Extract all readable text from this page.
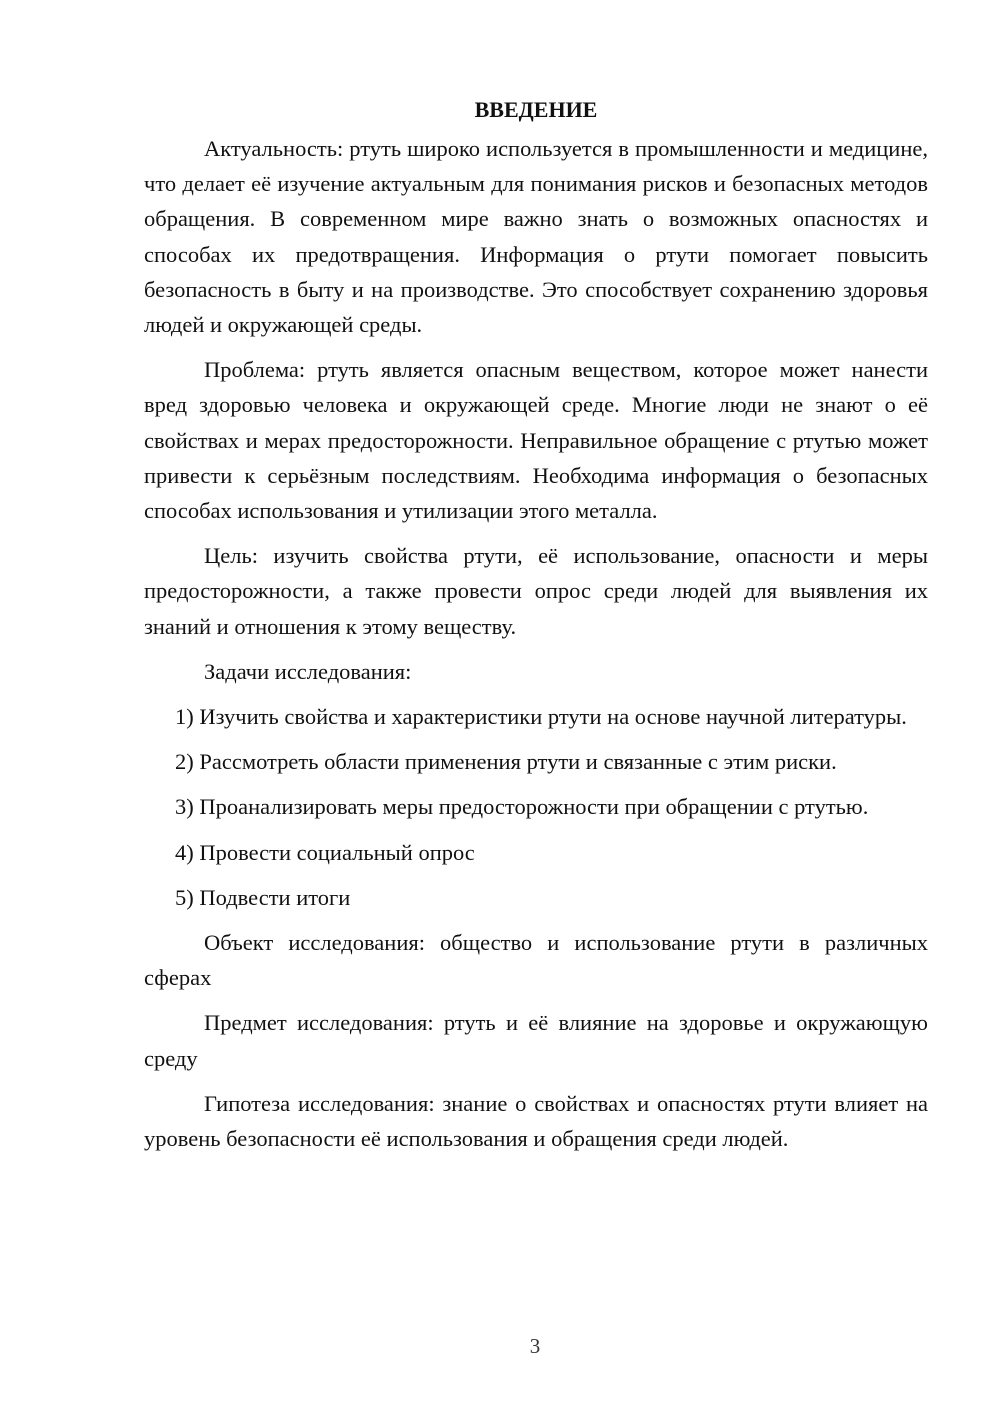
ВВЕДЕНИЕ

Актуальность: ртуть широко используется в промышленности и медицине, что делает её изучение актуальным для понимания рисков и безопасных методов обращения. В современном мире важно знать о возможных опасностях и способах их предотвращения. Информация о ртути помогает повысить безопасность в быту и на производстве. Это способствует сохранению здоровья людей и окружающей среды.

Проблема: ртуть является опасным веществом, которое может нанести вред здоровью человека и окружающей среде. Многие люди не знают о её свойствах и мерах предосторожности. Неправильное обращение с ртутью может привести к серьёзным последствиям. Необходима информация о безопасных способах использования и утилизации этого металла.

Цель: изучить свойства ртути, её использование, опасности и меры предосторожности, а также провести опрос среди людей для выявления их знаний и отношения к этому веществу.

Задачи исследования:

1) Изучить свойства и характеристики ртути на основе научной литературы.

2) Рассмотреть области применения ртути и связанные с этим риски.

3) Проанализировать меры предосторожности при обращении с ртутью.

4) Провести социальный опрос

5) Подвести итоги

Объект исследования: общество и использование ртути в различных сферах

Предмет исследования: ртуть и её влияние на здоровье и окружающую среду

Гипотеза исследования: знание о свойствах и опасностях ртути влияет на уровень безопасности её использования и обращения среди людей.

3
